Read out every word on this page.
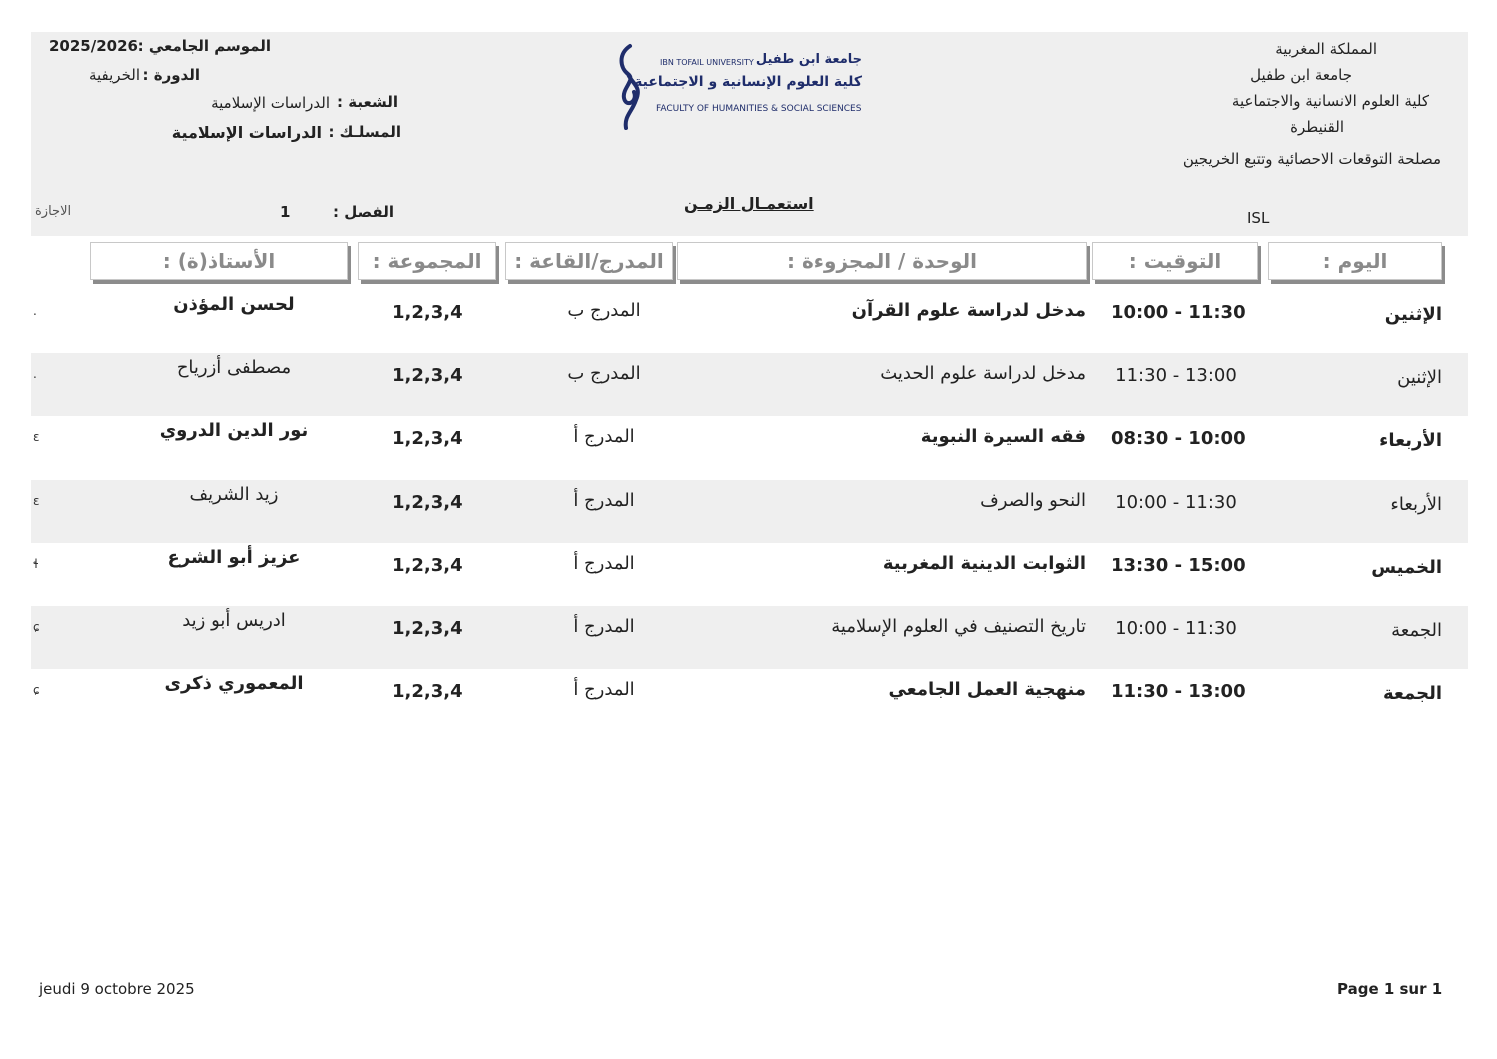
المملكة المغربية
جامعة ابن طفيل
كلية العلوم الانسانية والاجتماعية
القنيطرة
مصلحة التوقعات الاحصائية وتتبع الخريجين
ISL
IBN TOFAIL UNIVERSITY جامعة ابن طفيل
كلية العلوم الإنسانية و الاجتماعية
FACULTY OF HUMANITIES & SOCIAL SCIENCES
الموسم الجامعي :
2025/2026
الدورة :
الخريفية
الشعبة :
الدراسات الإسلامية
المسلـك :
الدراسات الإسلامية
الفصل :
1
الاجازة	استعمـال الزمـن
اليوم :
التوقيت :
الوحدة / المجزوءة :
المدرج/القاعة :
المجموعة :
الأستاذ(ة) :
الإثنين
10:00 - 11:30
مدخل لدراسة علوم القرآن
المدرج ب
1,2,3,4
لحسن المؤذن
.
الإثنين
11:30 - 13:00
مدخل لدراسة علوم الحديث
المدرج ب
1,2,3,4
مصطفى أزرياح
.
الأربعاء
08:30 - 10:00
فقه السيرة النبوية
المدرج أ
1,2,3,4
نور الدين الدروي
ε
الأربعاء
10:00 - 11:30
النحو والصرف
المدرج أ
1,2,3,4
زيد الشريف
ε
الخميس
13:30 - 15:00
الثوابت الدينية المغربية
المدرج أ
1,2,3,4
عزيز أبو الشرع
ɬ
الجمعة
10:00 - 11:30
تاريخ التصنيف في العلوم الإسلامية
المدرج أ
1,2,3,4
ادريس أبو زيد
ɕ
الجمعة
11:30 - 13:00
منهجية العمل الجامعي
المدرج أ
1,2,3,4
المعموري ذكرى
ɕ
jeudi 9 octobre 2025	Page 1 sur 1
